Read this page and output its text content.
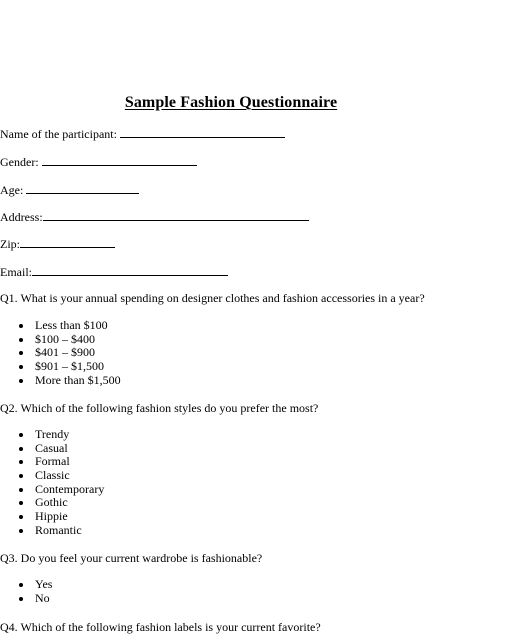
Sample Fashion Questionnaire
Name of the participant:
Gender:
Age:
Address:
Zip:
Email:
Q1. What is your annual spending on designer clothes and fashion accessories in a year?
Less than $100
$100 – $400
$401 – $900
$901 – $1,500
More than $1,500
Q2. Which of the following fashion styles do you prefer the most?
Trendy
Casual
Formal
Classic
Contemporary
Gothic
Hippie
Romantic
Q3. Do you feel your current wardrobe is fashionable?
Yes
No
Q4. Which of the following fashion labels is your current favorite?
